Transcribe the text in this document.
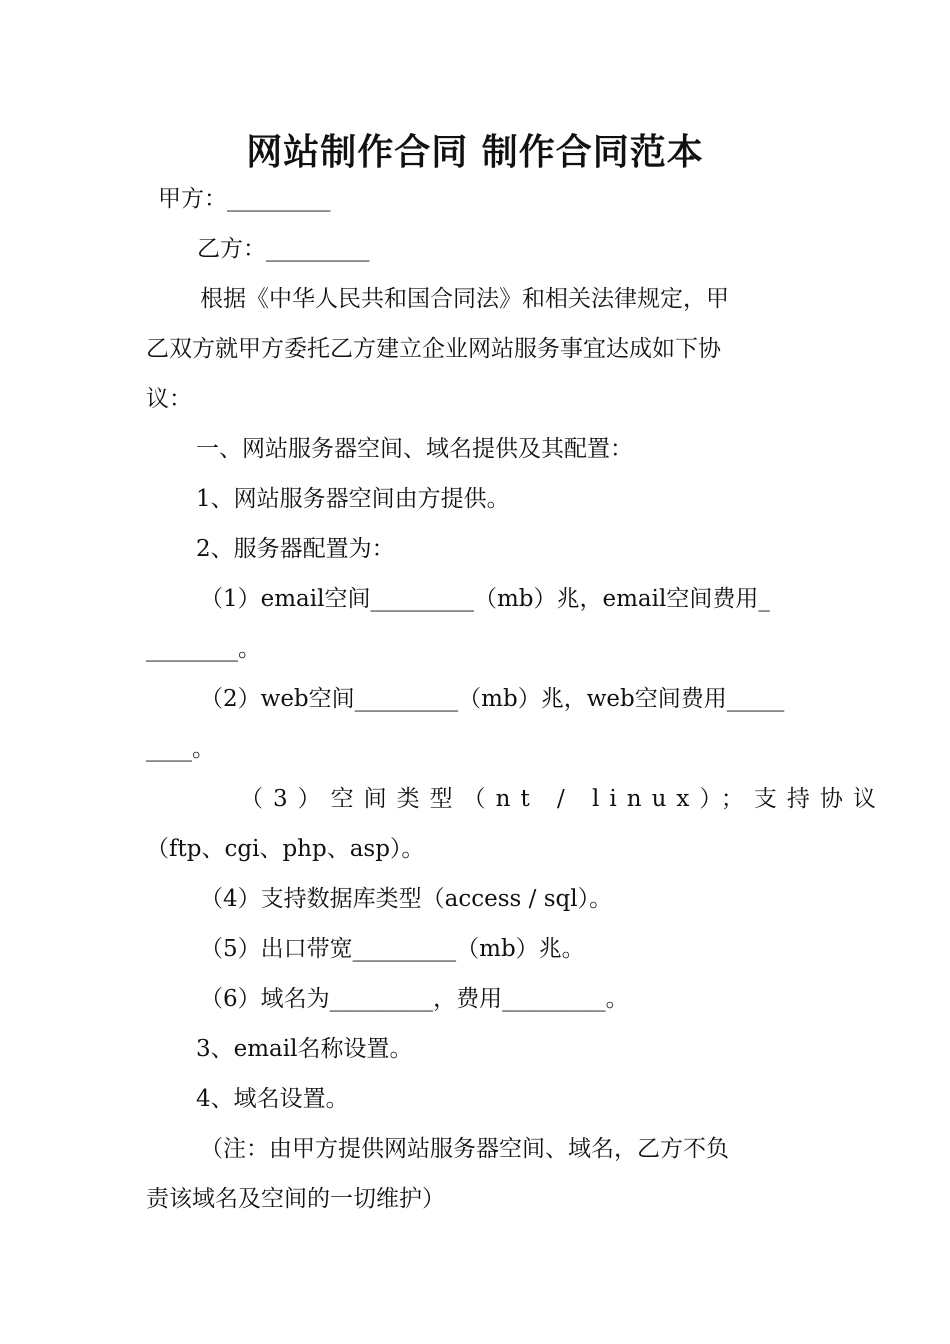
网站制作合同 制作合同范本
甲方：_________
乙方：_________
根据《中华人民共和国合同法》和相关法律规定，甲
乙双方就甲方委托乙方建立企业网站服务事宜达成如下协
议：
一、网站服务器空间、域名提供及其配置：
1、网站服务器空间由方提供。
2、服务器配置为：
（1）email空间_________（mb）兆，email空间费用_
________。
（2）web空间_________（mb）兆，web空间费用_____
____。
（3）空间类型（nt / linux）；支持协议
（ftp、cgi、php、asp）。
（4）支持数据库类型（access / sql）。
（5）出口带宽_________（mb）兆。
（6）域名为_________，费用_________。
3、email名称设置。
4、域名设置。
（注：由甲方提供网站服务器空间、域名，乙方不负
责该域名及空间的一切维护）
